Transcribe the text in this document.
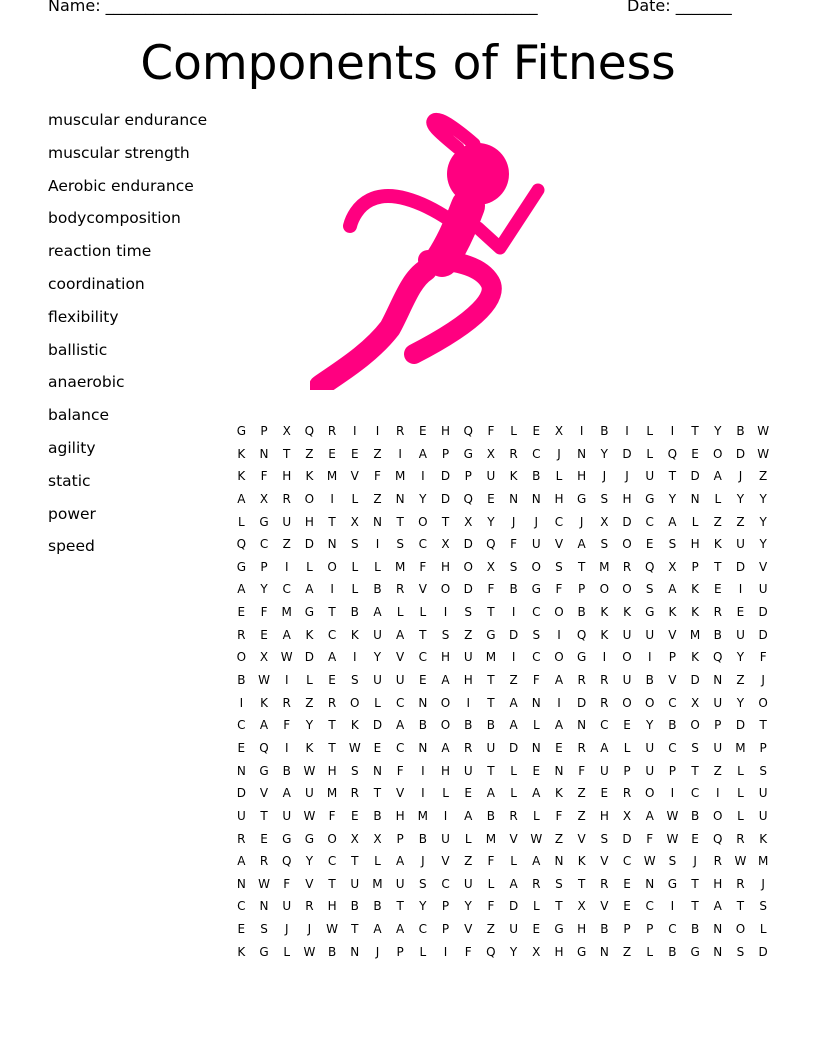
Name: ______________________________________________________	Date: _______
Components of Fitness
muscular endurance
muscular strength
Aerobic endurance
bodycomposition
reaction time
coordination
flexibility
ballistic
anaerobic
balance
agility
static
power
speed
G	P	X	Q	R	I	I	R	E	H	Q	F	L	E	X	I	B	I	L	I	T	Y	B	W
K	N	T	Z	E	E	Z	I	A	P	G	X	R	C	J	N	Y	D	L	Q	E	O	D	W
K	F	H	K	M	V	F	M	I	D	P	U	K	B	L	H	J	J	U	T	D	A	J	Z
A	X	R	O	I	L	Z	N	Y	D	Q	E	N	N	H	G	S	H	G	Y	N	L	Y	Y
L	G	U	H	T	X	N	T	O	T	X	Y	J	J	C	J	X	D	C	A	L	Z	Z	Y
Q	C	Z	D	N	S	I	S	C	X	D	Q	F	U	V	A	S	O	E	S	H	K	U	Y
G	P	I	L	O	L	L	M	F	H	O	X	S	O	S	T	M	R	Q	X	P	T	D	V
A	Y	C	A	I	L	B	R	V	O	D	F	B	G	F	P	O	O	S	A	K	E	I	U
E	F	M	G	T	B	A	L	L	I	S	T	I	C	O	B	K	K	G	K	K	R	E	D
R	E	A	K	C	K	U	A	T	S	Z	G	D	S	I	Q	K	U	U	V	M	B	U	D
O	X	W	D	A	I	Y	V	C	H	U	M	I	C	O	G	I	O	I	P	K	Q	Y	F
B	W	I	L	E	S	U	U	E	A	H	T	Z	F	A	R	R	U	B	V	D	N	Z	J
I	K	R	Z	R	O	L	C	N	O	I	T	A	N	I	D	R	O	O	C	X	U	Y	O
C	A	F	Y	T	K	D	A	B	O	B	B	A	L	A	N	C	E	Y	B	O	P	D	T
E	Q	I	K	T	W	E	C	N	A	R	U	D	N	E	R	A	L	U	C	S	U	M	P
N	G	B	W	H	S	N	F	I	H	U	T	L	E	N	F	U	P	U	P	T	Z	L	S
D	V	A	U	M	R	T	V	I	L	E	A	L	A	K	Z	E	R	O	I	C	I	L	U
U	T	U	W	F	E	B	H	M	I	A	B	R	L	F	Z	H	X	A	W	B	O	L	U
R	E	G	G	O	X	X	P	B	U	L	M	V	W	Z	V	S	D	F	W	E	Q	R	K
A	R	Q	Y	C	T	L	A	J	V	Z	F	L	A	N	K	V	C	W	S	J	R	W M
N	W	F	V	T	U	M	U	S	C	U	L	A	R	S	T	R	E	N	G	T	H	R	J
C	N	U	R	H	B	B	T	Y	P	Y	F	D	L	T	X	V	E	C	I	T	A	T	S
E	S	J	J	W	T	A	A	C	P	V	Z	U	E	G	H	B	P	P	C	B	N	O	L
K	G	L	W	B	N	J	P	L	I	F	Q	Y	X	H	G	N	Z	L	B	G	N	S	D
